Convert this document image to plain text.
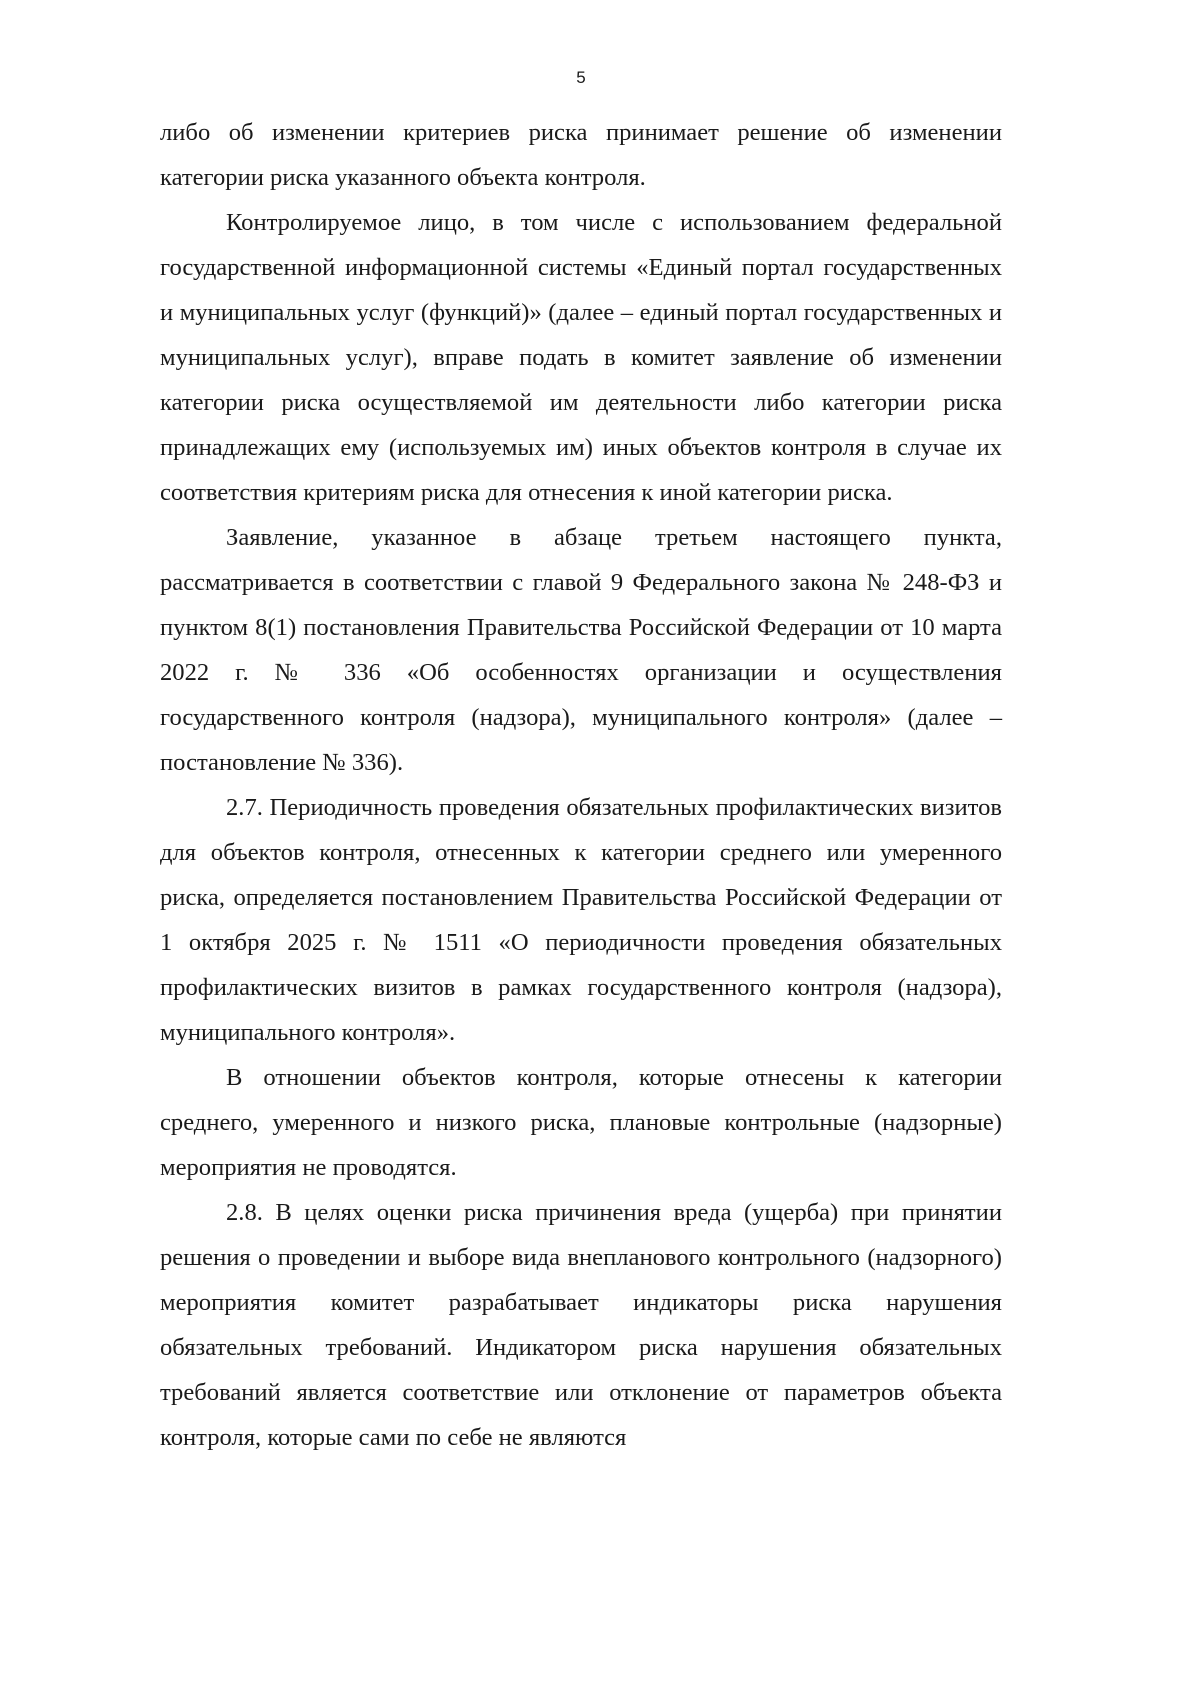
5

либо об изменении критериев риска принимает решение об изменении категории риска указанного объекта контроля.

Контролируемое лицо, в том числе с использованием федеральной государственной информационной системы «Единый портал государственных и муниципальных услуг (функций)» (далее – единый портал государственных и муниципальных услуг), вправе подать в комитет заявление об изменении категории риска осуществляемой им деятельности либо категории риска принадлежащих ему (используемых им) иных объектов контроля в случае их соответствия критериям риска для отнесения к иной категории риска.

Заявление, указанное в абзаце третьем настоящего пункта, рассматривается в соответствии с главой 9 Федерального закона № 248-ФЗ и пунктом 8(1) постановления Правительства Российской Федерации от 10 марта 2022 г. № 336 «Об особенностях организации и осуществления государственного контроля (надзора), муниципального контроля» (далее – постановление № 336).

2.7. Периодичность проведения обязательных профилактических визитов для объектов контроля, отнесенных к категории среднего или умеренного риска, определяется постановлением Правительства Российской Федерации от 1 октября 2025 г. № 1511 «О периодичности проведения обязательных профилактических визитов в рамках государственного контроля (надзора), муниципального контроля».

В отношении объектов контроля, которые отнесены к категории среднего, умеренного и низкого риска, плановые контрольные (надзорные) мероприятия не проводятся.

2.8. В целях оценки риска причинения вреда (ущерба) при принятии решения о проведении и выборе вида внепланового контрольного (надзорного) мероприятия комитет разрабатывает индикаторы риска нарушения обязательных требований. Индикатором риска нарушения обязательных требований является соответствие или отклонение от параметров объекта контроля, которые сами по себе не являются
